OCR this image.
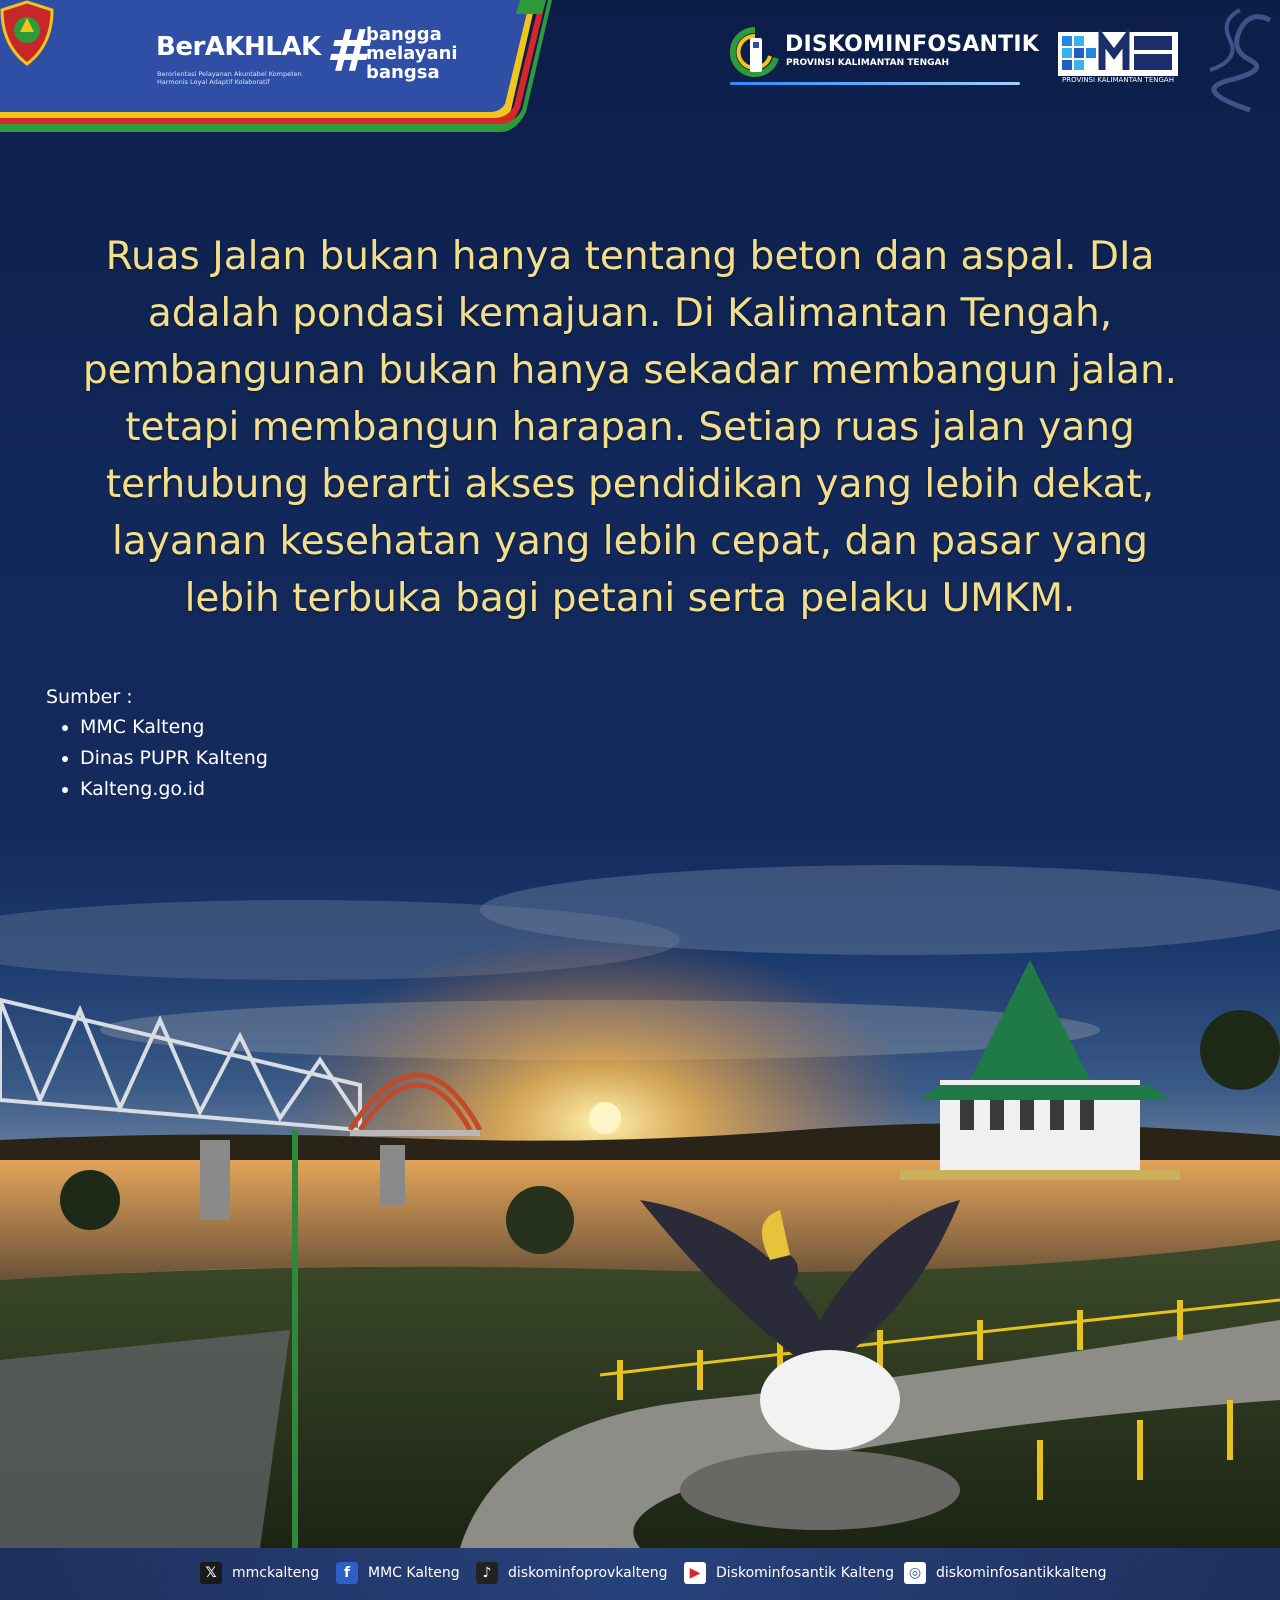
BerAKHLAK
Berorientasi Pelayanan Akuntabel Kompeten Harmonis Loyal Adaptif Kolaboratif # bangga
melayani
bangsa
DISKOMINFOSANTIK
PROVINSI KALIMANTAN TENGAH
PROVINSI KALIMANTAN TENGAH
Ruas Jalan bukan hanya tentang beton dan aspal. DIa adalah pondasi kemajuan. Di Kalimantan Tengah, pembangunan bukan hanya sekadar membangun jalan. tetapi membangun harapan. Setiap ruas jalan yang terhubung berarti akses pendidikan yang lebih dekat, layanan kesehatan yang lebih cepat, dan pasar yang lebih terbuka bagi petani serta pelaku UMKM.
Sumber :
• MMC Kalteng
• Dinas PUPR Kalteng
• Kalteng.go.id
𝕏	mmckalteng	f	MMC Kalteng	♪	diskominfoprovkalteng	▶	Diskominfosantik Kalteng	◎	diskominfosantikkalteng
